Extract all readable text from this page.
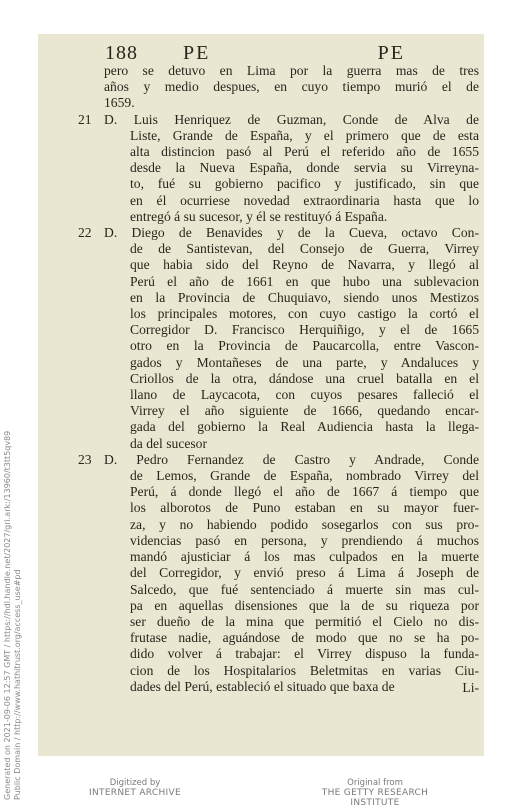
188 PE	PE
pero se detuvo en Lima por la guerra mas de tres
años y medio despues, en cuyo tiempo murió el de
1659.
21 D. Luis Henriquez de Guzman, Conde de Alva de
Liste, Grande de España, y el primero que de esta
alta distincion pasó al Perú el referido año de 1655
desde la Nueva España, donde servia su Virreyna-
to, fué su gobierno pacifico y justificado, sin que
en él ocurriese novedad extraordinaria hasta que lo
entregó á su sucesor, y él se restituyó á España.
22 D. Diego de Benavides y de la Cueva, octavo Con-
de de Santistevan, del Consejo de Guerra, Virrey
que habia sido del Reyno de Navarra, y llegó al
Perú el año de 1661 en que hubo una sublevacion
en la Provincia de Chuquiavo, siendo unos Mestizos
los principales motores, con cuyo castigo la cortó el
Corregidor D. Francisco Herquiñigo, y el de 1665
otro en la Provincia de Paucarcolla, entre Vascon-
gados y Montañeses de una parte, y Andaluces y
Criollos de la otra, dándose una cruel batalla en el
llano de Laycacota, con cuyos pesares falleció el
Virrey el año siguiente de 1666, quedando encar-
gada del gobierno la Real Audiencia hasta la llega-
da del sucesor
23 D. Pedro Fernandez de Castro y Andrade, Conde
de Lemos, Grande de España, nombrado Virrey del
Perú, á donde llegó el año de 1667 á tiempo que
los alborotos de Puno estaban en su mayor fuer-
za, y no habiendo podido sosegarlos con sus pro-
videncias pasó en persona, y prendiendo á muchos
mandó ajusticiar á los mas culpados en la muerte
del Corregidor, y envió preso á Lima á Joseph de
Salcedo, que fué sentenciado á muerte sin mas cul-
pa en aquellas disensiones que la de su riqueza por
ser dueño de la mina que permitió el Cielo no dis-
frutase nadie, aguándose de modo que no se ha po-
dido volver á trabajar: el Virrey dispuso la funda-
cion de los Hospitalarios Beletmitas en varias Ciu-
dades del Perú, estableció el situado que baxa de	Li-
Generated on 2021-09-06 12:57 GMT / https://hdl.handle.net/2027/gri.ark:/13960/t3tt5qv89 Public Domain / http://www.hathitrust.org/access_use#pd	Digitized by
INTERNET ARCHIVE
Original from
THE GETTY RESEARCH INSTITUTE
